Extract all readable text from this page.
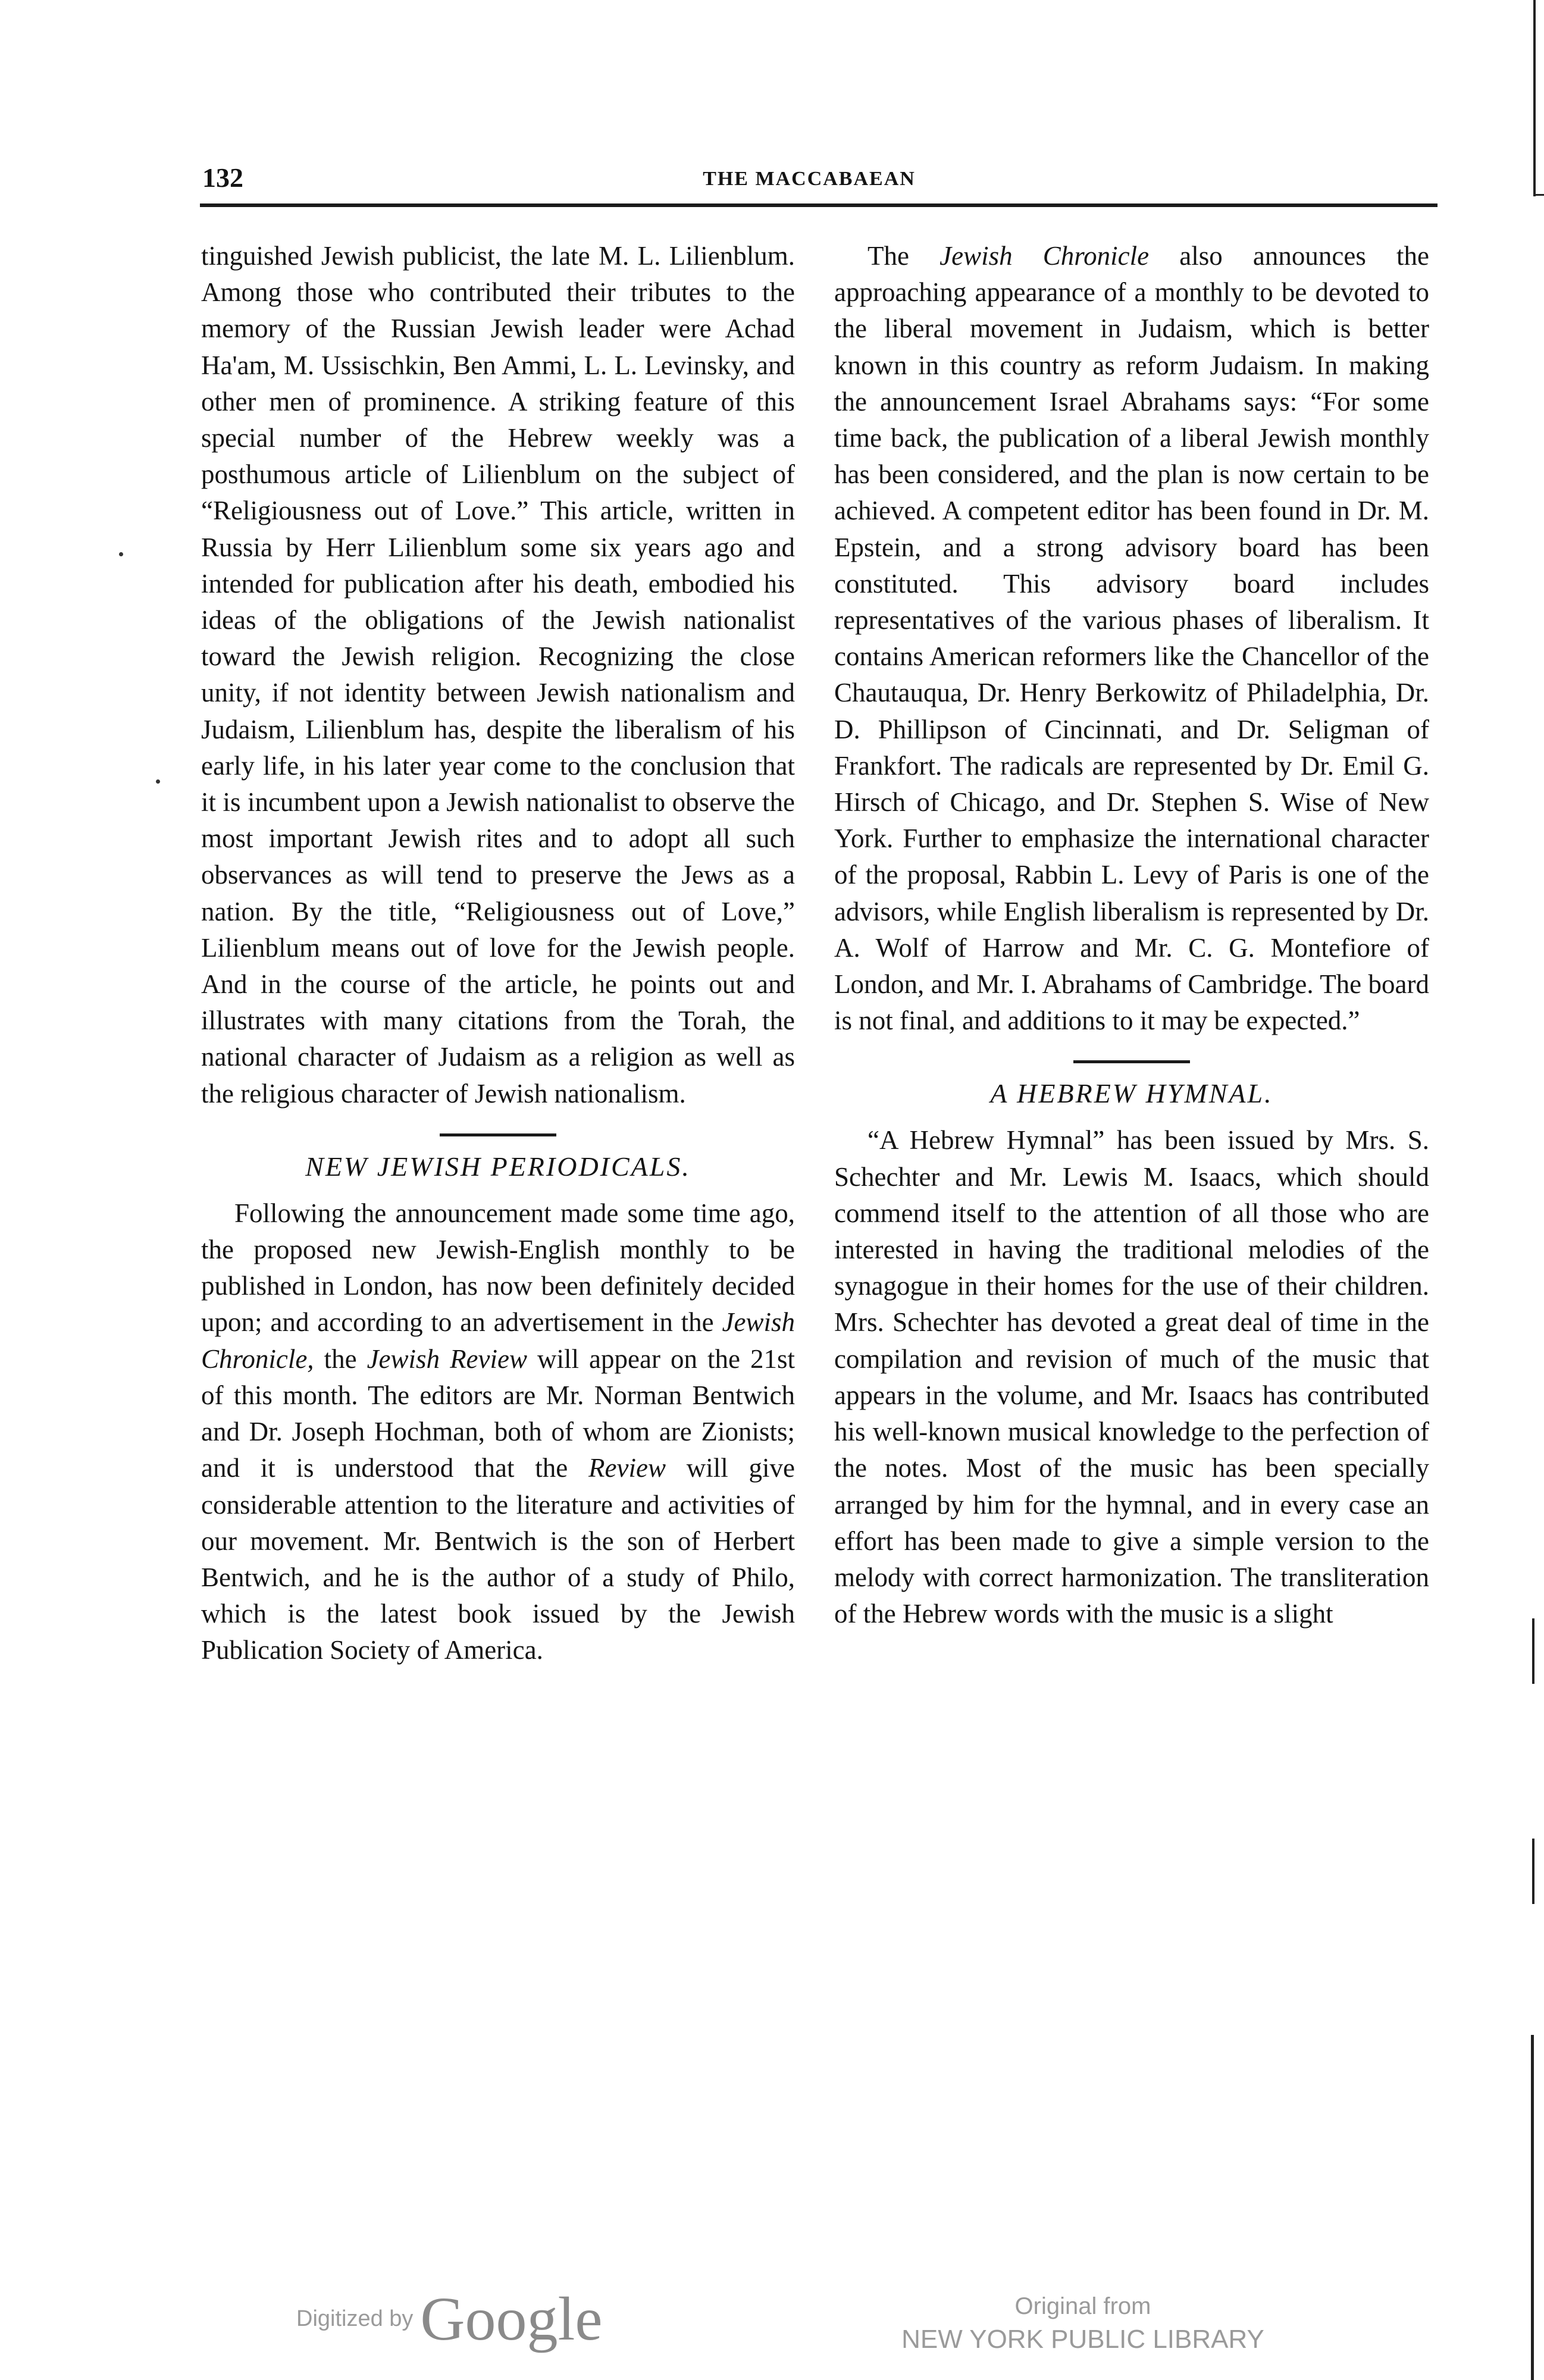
132	THE MACCABAEAN

tinguished Jewish publicist, the late M. L. Lilienblum. Among those who contributed their tributes to the memory of the Russian Jewish leader were Achad Ha'am, M. Ussischkin, Ben Ammi, L. L. Levinsky, and other men of prominence. A striking feature of this special number of the Hebrew weekly was a posthumous article of Lilienblum on the subject of “Religiousness out of Love.” This article, written in Russia by Herr Lilienblum some six years ago and intended for publication after his death, embodied his ideas of the obligations of the Jewish nationalist toward the Jewish religion. Recognizing the close unity, if not identity between Jewish nationalism and Judaism, Lilienblum has, despite the liberalism of his early life, in his later year come to the conclusion that it is incumbent upon a Jewish nationalist to observe the most important Jewish rites and to adopt all such observances as will tend to preserve the Jews as a nation. By the title, “Religiousness out of Love,” Lilienblum means out of love for the Jewish people. And in the course of the article, he points out and illustrates with many citations from the Torah, the national character of Judaism as a religion as well as the religious character of Jewish nationalism.

NEW JEWISH PERIODICALS.

Following the announcement made some time ago, the proposed new Jewish-English monthly to be published in London, has now been definitely decided upon; and according to an advertisement in the Jewish Chronicle, the Jewish Review will appear on the 21st of this month. The editors are Mr. Norman Bentwich and Dr. Joseph Hochman, both of whom are Zionists; and it is understood that the Review will give considerable attention to the literature and activities of our movement. Mr. Bentwich is the son of Herbert Bentwich, and he is the author of a study of Philo, which is the latest book issued by the Jewish Publication Society of America.

The Jewish Chronicle also announces the approaching appearance of a monthly to be devoted to the liberal movement in Judaism, which is better known in this country as reform Judaism. In making the announcement Israel Abrahams says: “For some time back, the publication of a liberal Jewish monthly has been considered, and the plan is now certain to be achieved. A competent editor has been found in Dr. M. Epstein, and a strong advisory board has been constituted. This advisory board includes representatives of the various phases of liberalism. It contains American reformers like the Chancellor of the Chautauqua, Dr. Henry Berkowitz of Philadelphia, Dr. D. Phillipson of Cincinnati, and Dr. Seligman of Frankfort. The radicals are represented by Dr. Emil G. Hirsch of Chicago, and Dr. Stephen S. Wise of New York. Further to emphasize the international character of the proposal, Rabbin L. Levy of Paris is one of the advisors, while English liberalism is represented by Dr. A. Wolf of Harrow and Mr. C. G. Montefiore of London, and Mr. I. Abrahams of Cambridge. The board is not final, and additions to it may be expected.”

A HEBREW HYMNAL.

“A Hebrew Hymnal” has been issued by Mrs. S. Schechter and Mr. Lewis M. Isaacs, which should commend itself to the attention of all those who are interested in having the traditional melodies of the synagogue in their homes for the use of their children. Mrs. Schechter has devoted a great deal of time in the compilation and revision of much of the music that appears in the volume, and Mr. Isaacs has contributed his well-known musical knowledge to the perfection of the notes. Most of the music has been specially arranged by him for the hymnal, and in every case an effort has been made to give a simple version to the melody with correct harmonization. The transliteration of the Hebrew words with the music is a slight

Digitized by Google	Original from
NEW YORK PUBLIC LIBRARY
